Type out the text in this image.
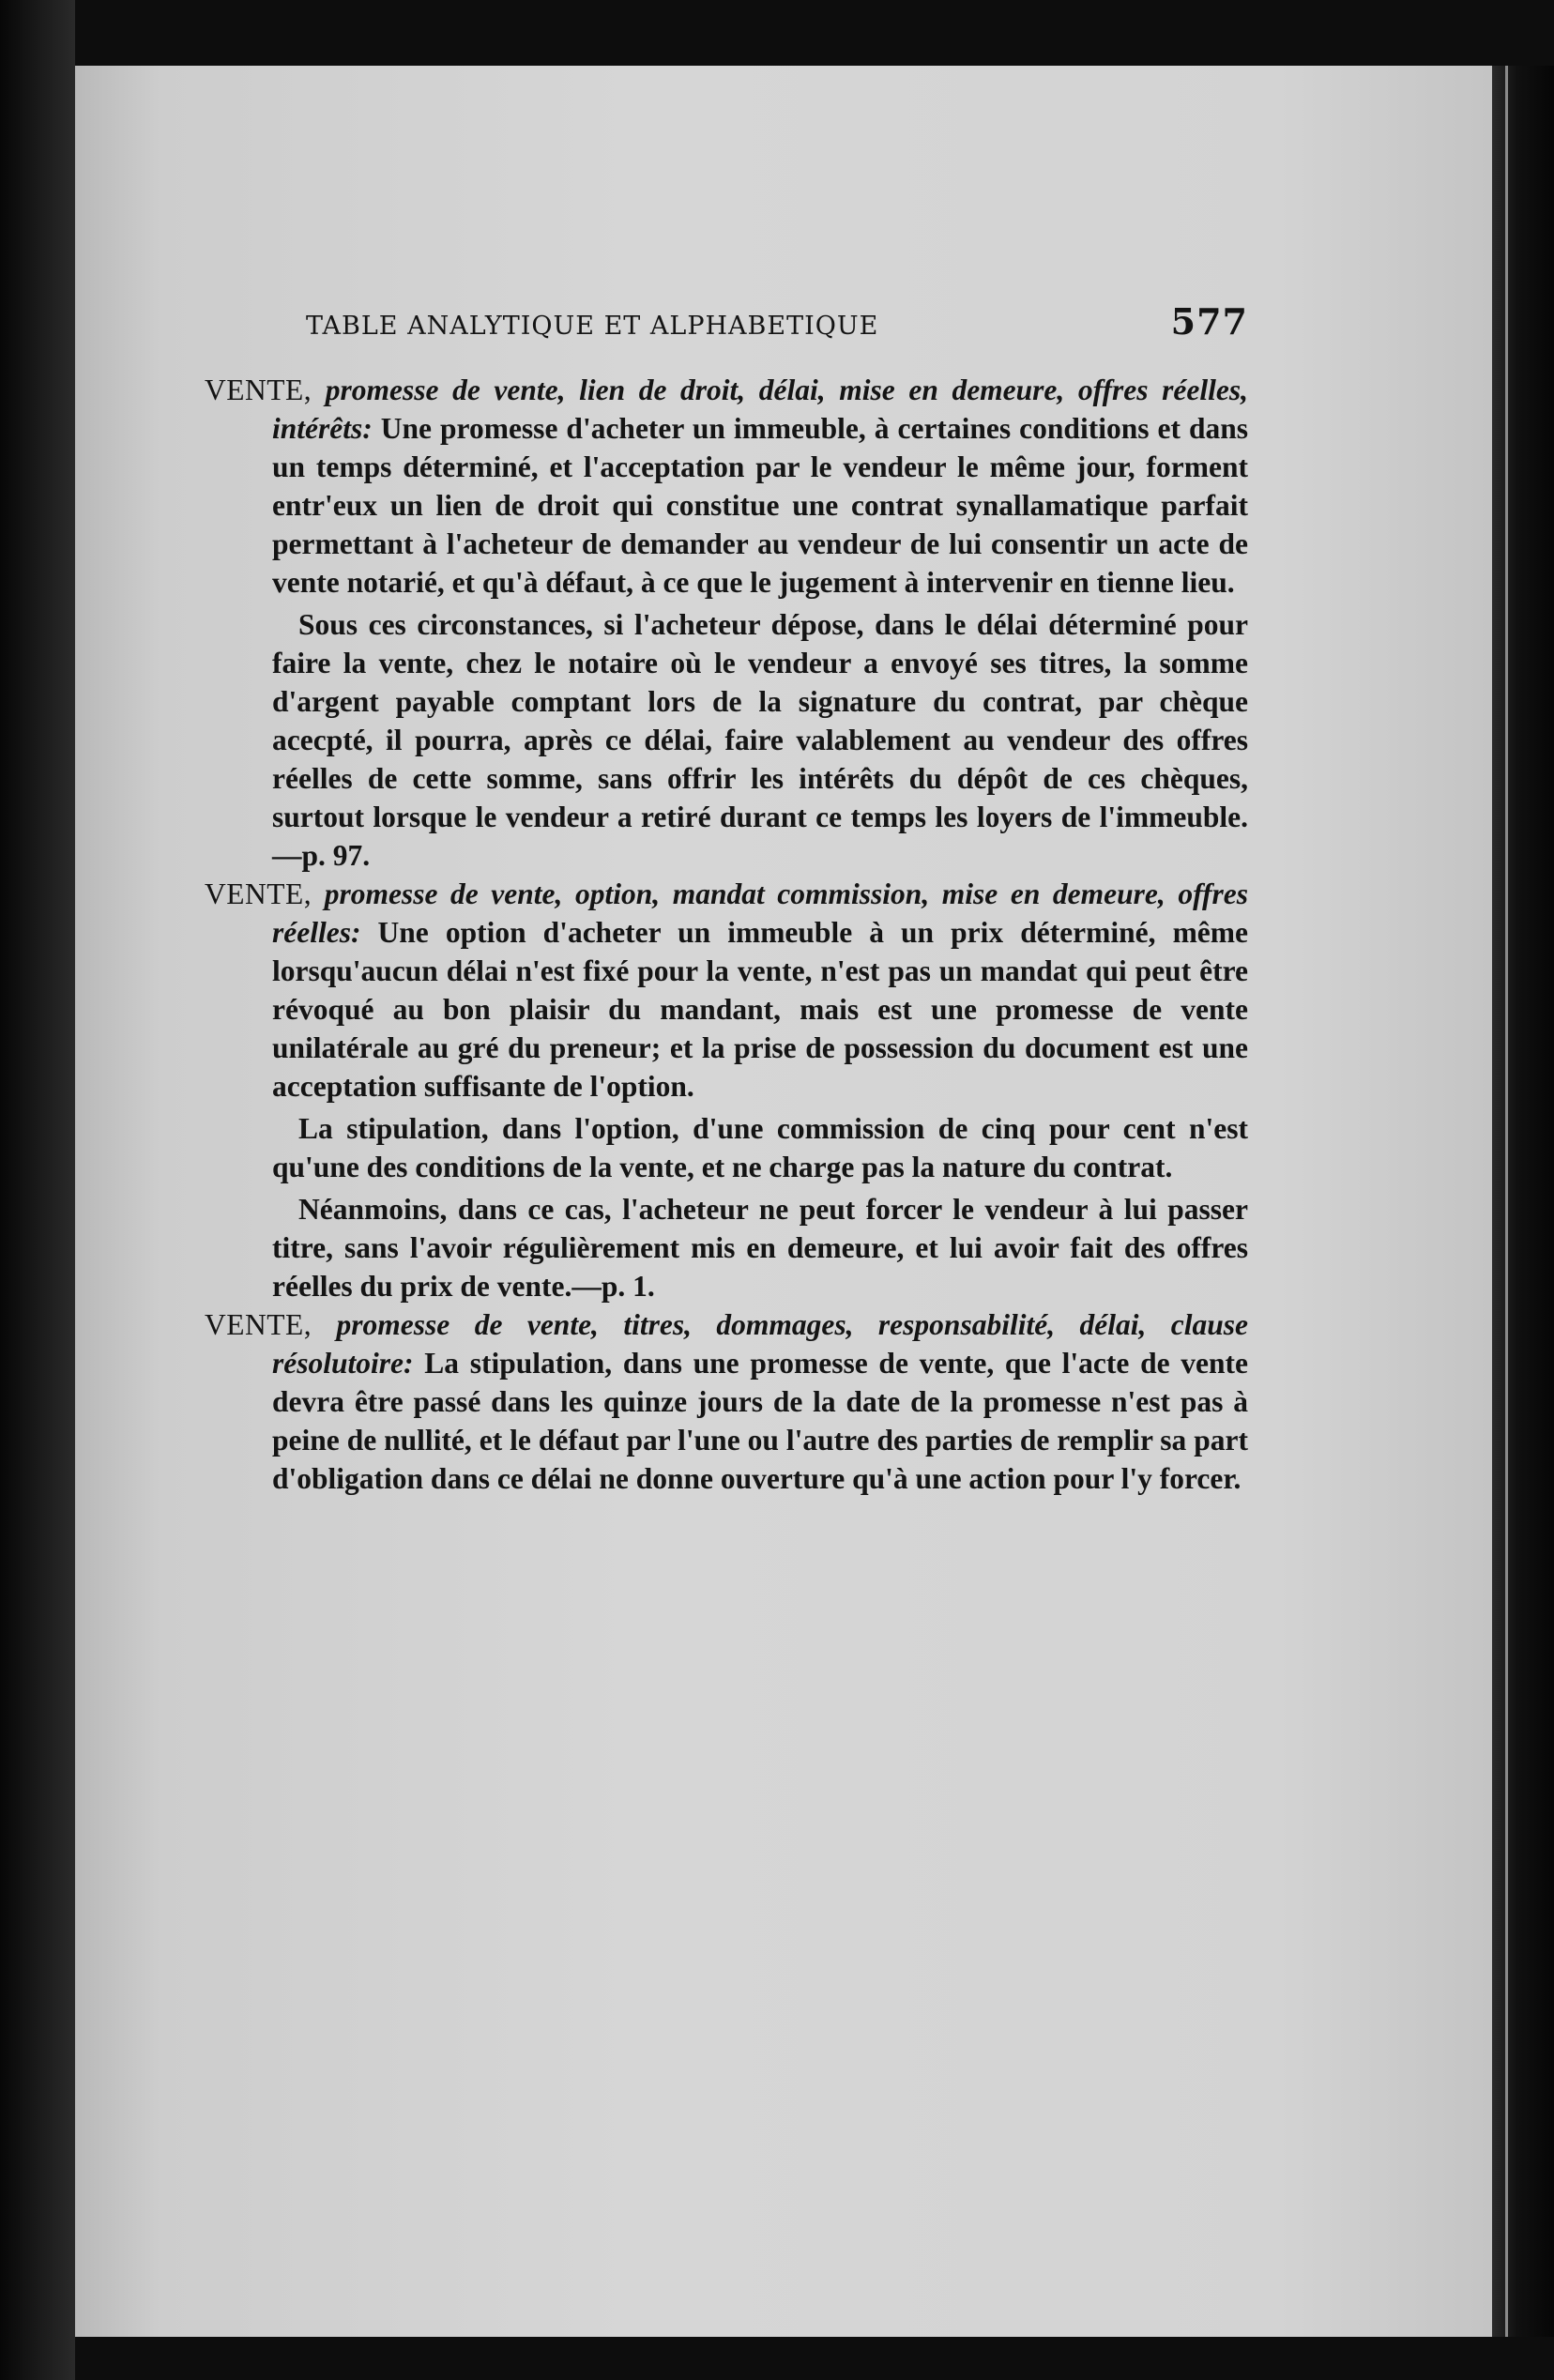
TABLE ANALYTIQUE ET ALPHABETIQUE	577

VENTE, promesse de vente, lien de droit, délai, mise en demeure, offres réelles, intérêts: Une promesse d'acheter un immeuble, à certaines conditions et dans un temps déterminé, et l'acceptation par le vendeur le même jour, forment entr'eux un lien de droit qui constitue une contrat synallamatique parfait permettant à l'acheteur de demander au vendeur de lui consentir un acte de vente notarié, et qu'à défaut, à ce que le jugement à intervenir en tienne lieu.

Sous ces circonstances, si l'acheteur dépose, dans le délai déterminé pour faire la vente, chez le notaire où le vendeur a envoyé ses titres, la somme d'argent payable comptant lors de la signature du contrat, par chèque acecpté, il pourra, après ce délai, faire valablement au vendeur des offres réelles de cette somme, sans offrir les intérêts du dépôt de ces chèques, surtout lorsque le vendeur a retiré durant ce temps les loyers de l'immeuble.—p. 97.

VENTE, promesse de vente, option, mandat commission, mise en demeure, offres réelles: Une option d'acheter un immeuble à un prix déterminé, même lorsqu'aucun délai n'est fixé pour la vente, n'est pas un mandat qui peut être révoqué au bon plaisir du mandant, mais est une promesse de vente unilatérale au gré du preneur; et la prise de possession du document est une acceptation suffisante de l'option.

La stipulation, dans l'option, d'une commission de cinq pour cent n'est qu'une des conditions de la vente, et ne charge pas la nature du contrat.

Néanmoins, dans ce cas, l'acheteur ne peut forcer le vendeur à lui passer titre, sans l'avoir régulièrement mis en demeure, et lui avoir fait des offres réelles du prix de vente.—p. 1.

VENTE, promesse de vente, titres, dommages, responsabilité, délai, clause résolutoire: La stipulation, dans une promesse de vente, que l'acte de vente devra être passé dans les quinze jours de la date de la promesse n'est pas à peine de nullité, et le défaut par l'une ou l'autre des parties de remplir sa part d'obligation dans ce délai ne donne ouverture qu'à une action pour l'y forcer.
